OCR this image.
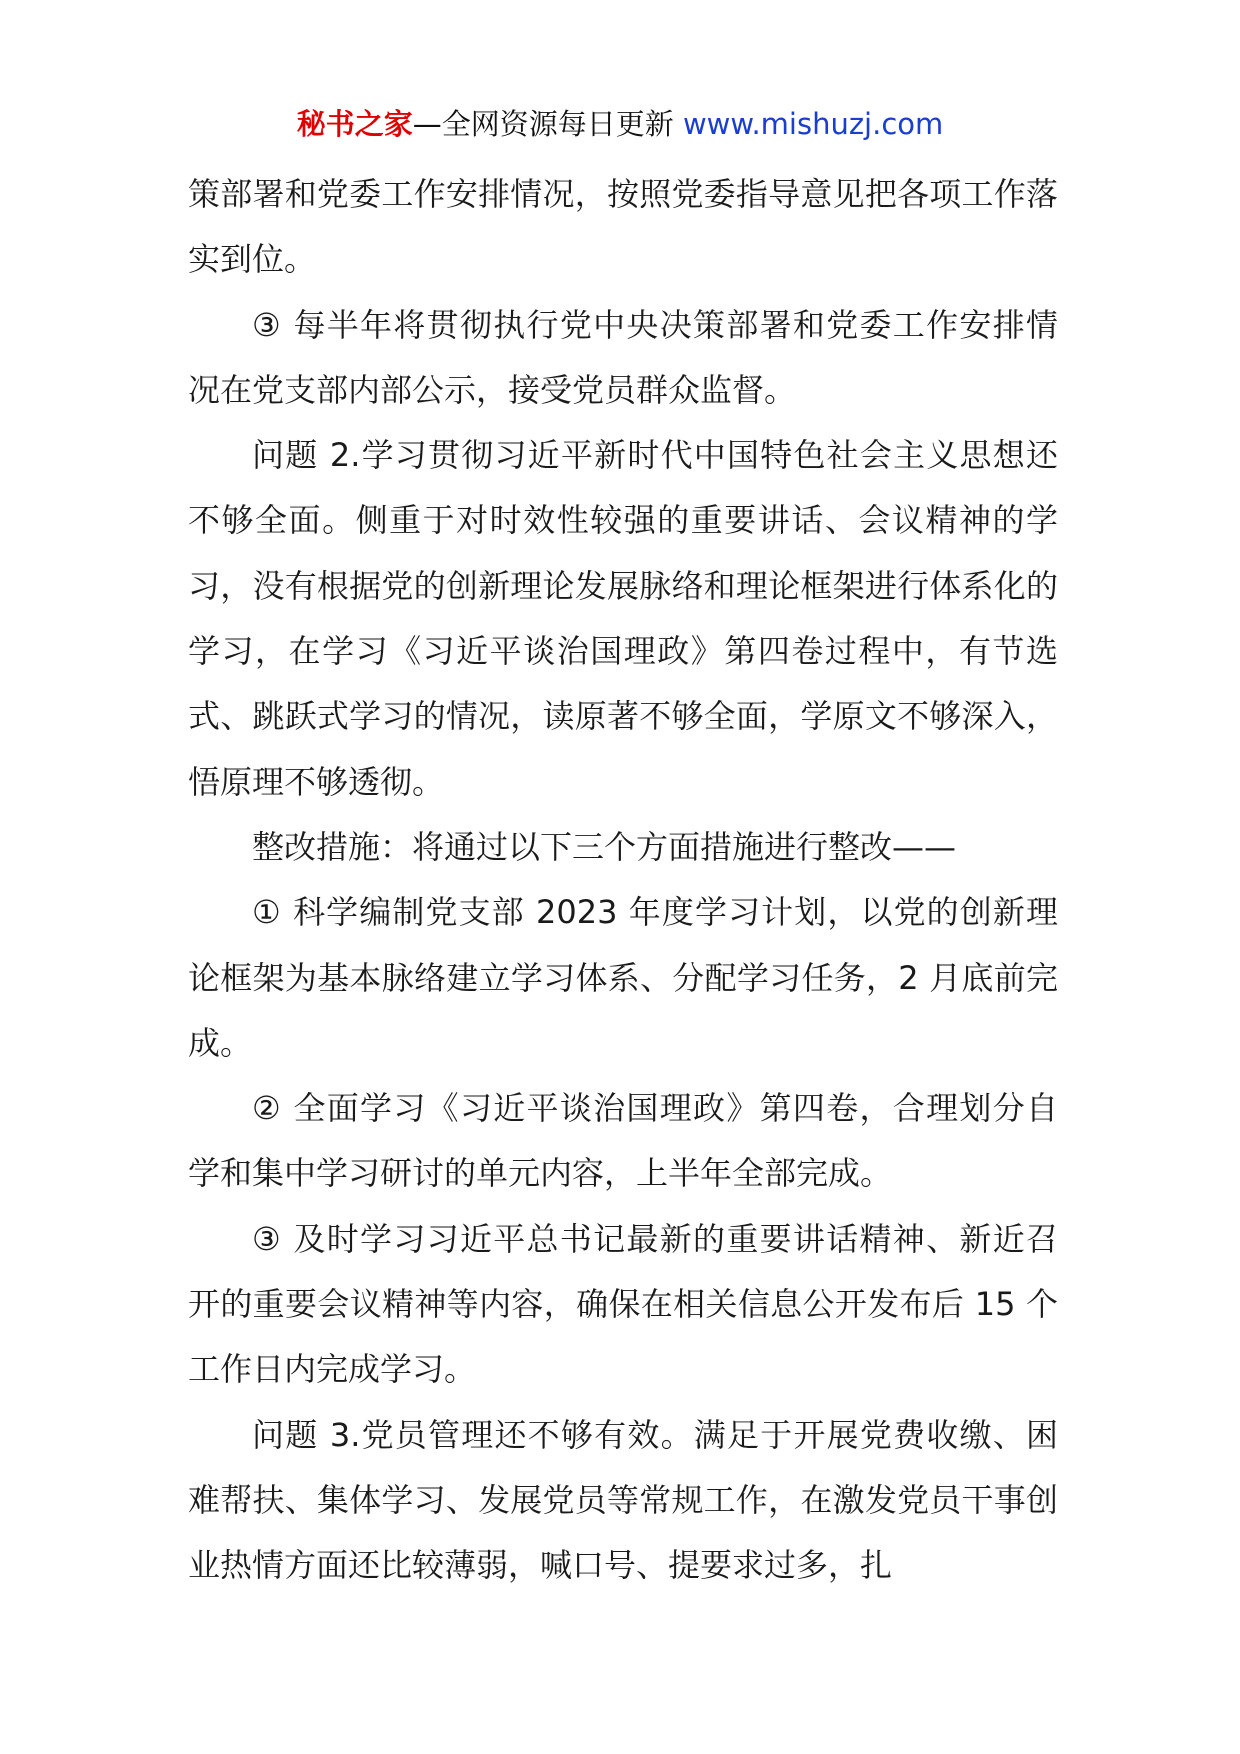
秘书之家—全网资源每日更新 www.mishuzj.com

策部署和党委工作安排情况，按照党委指导意见把各项工作落实到位。

③ 每半年将贯彻执行党中央决策部署和党委工作安排情况在党支部内部公示，接受党员群众监督。

问题 2.学习贯彻习近平新时代中国特色社会主义思想还不够全面。侧重于对时效性较强的重要讲话、会议精神的学习，没有根据党的创新理论发展脉络和理论框架进行体系化的学习，在学习《习近平谈治国理政》第四卷过程中，有节选式、跳跃式学习的情况，读原著不够全面，学原文不够深入，悟原理不够透彻。

整改措施：将通过以下三个方面措施进行整改——

① 科学编制党支部 2023 年度学习计划，以党的创新理论框架为基本脉络建立学习体系、分配学习任务，2 月底前完成。

② 全面学习《习近平谈治国理政》第四卷，合理划分自学和集中学习研讨的单元内容，上半年全部完成。

③ 及时学习习近平总书记最新的重要讲话精神、新近召开的重要会议精神等内容，确保在相关信息公开发布后 15 个工作日内完成学习。

问题 3.党员管理还不够有效。满足于开展党费收缴、困难帮扶、集体学习、发展党员等常规工作，在激发党员干事创业热情方面还比较薄弱，喊口号、提要求过多，扎
